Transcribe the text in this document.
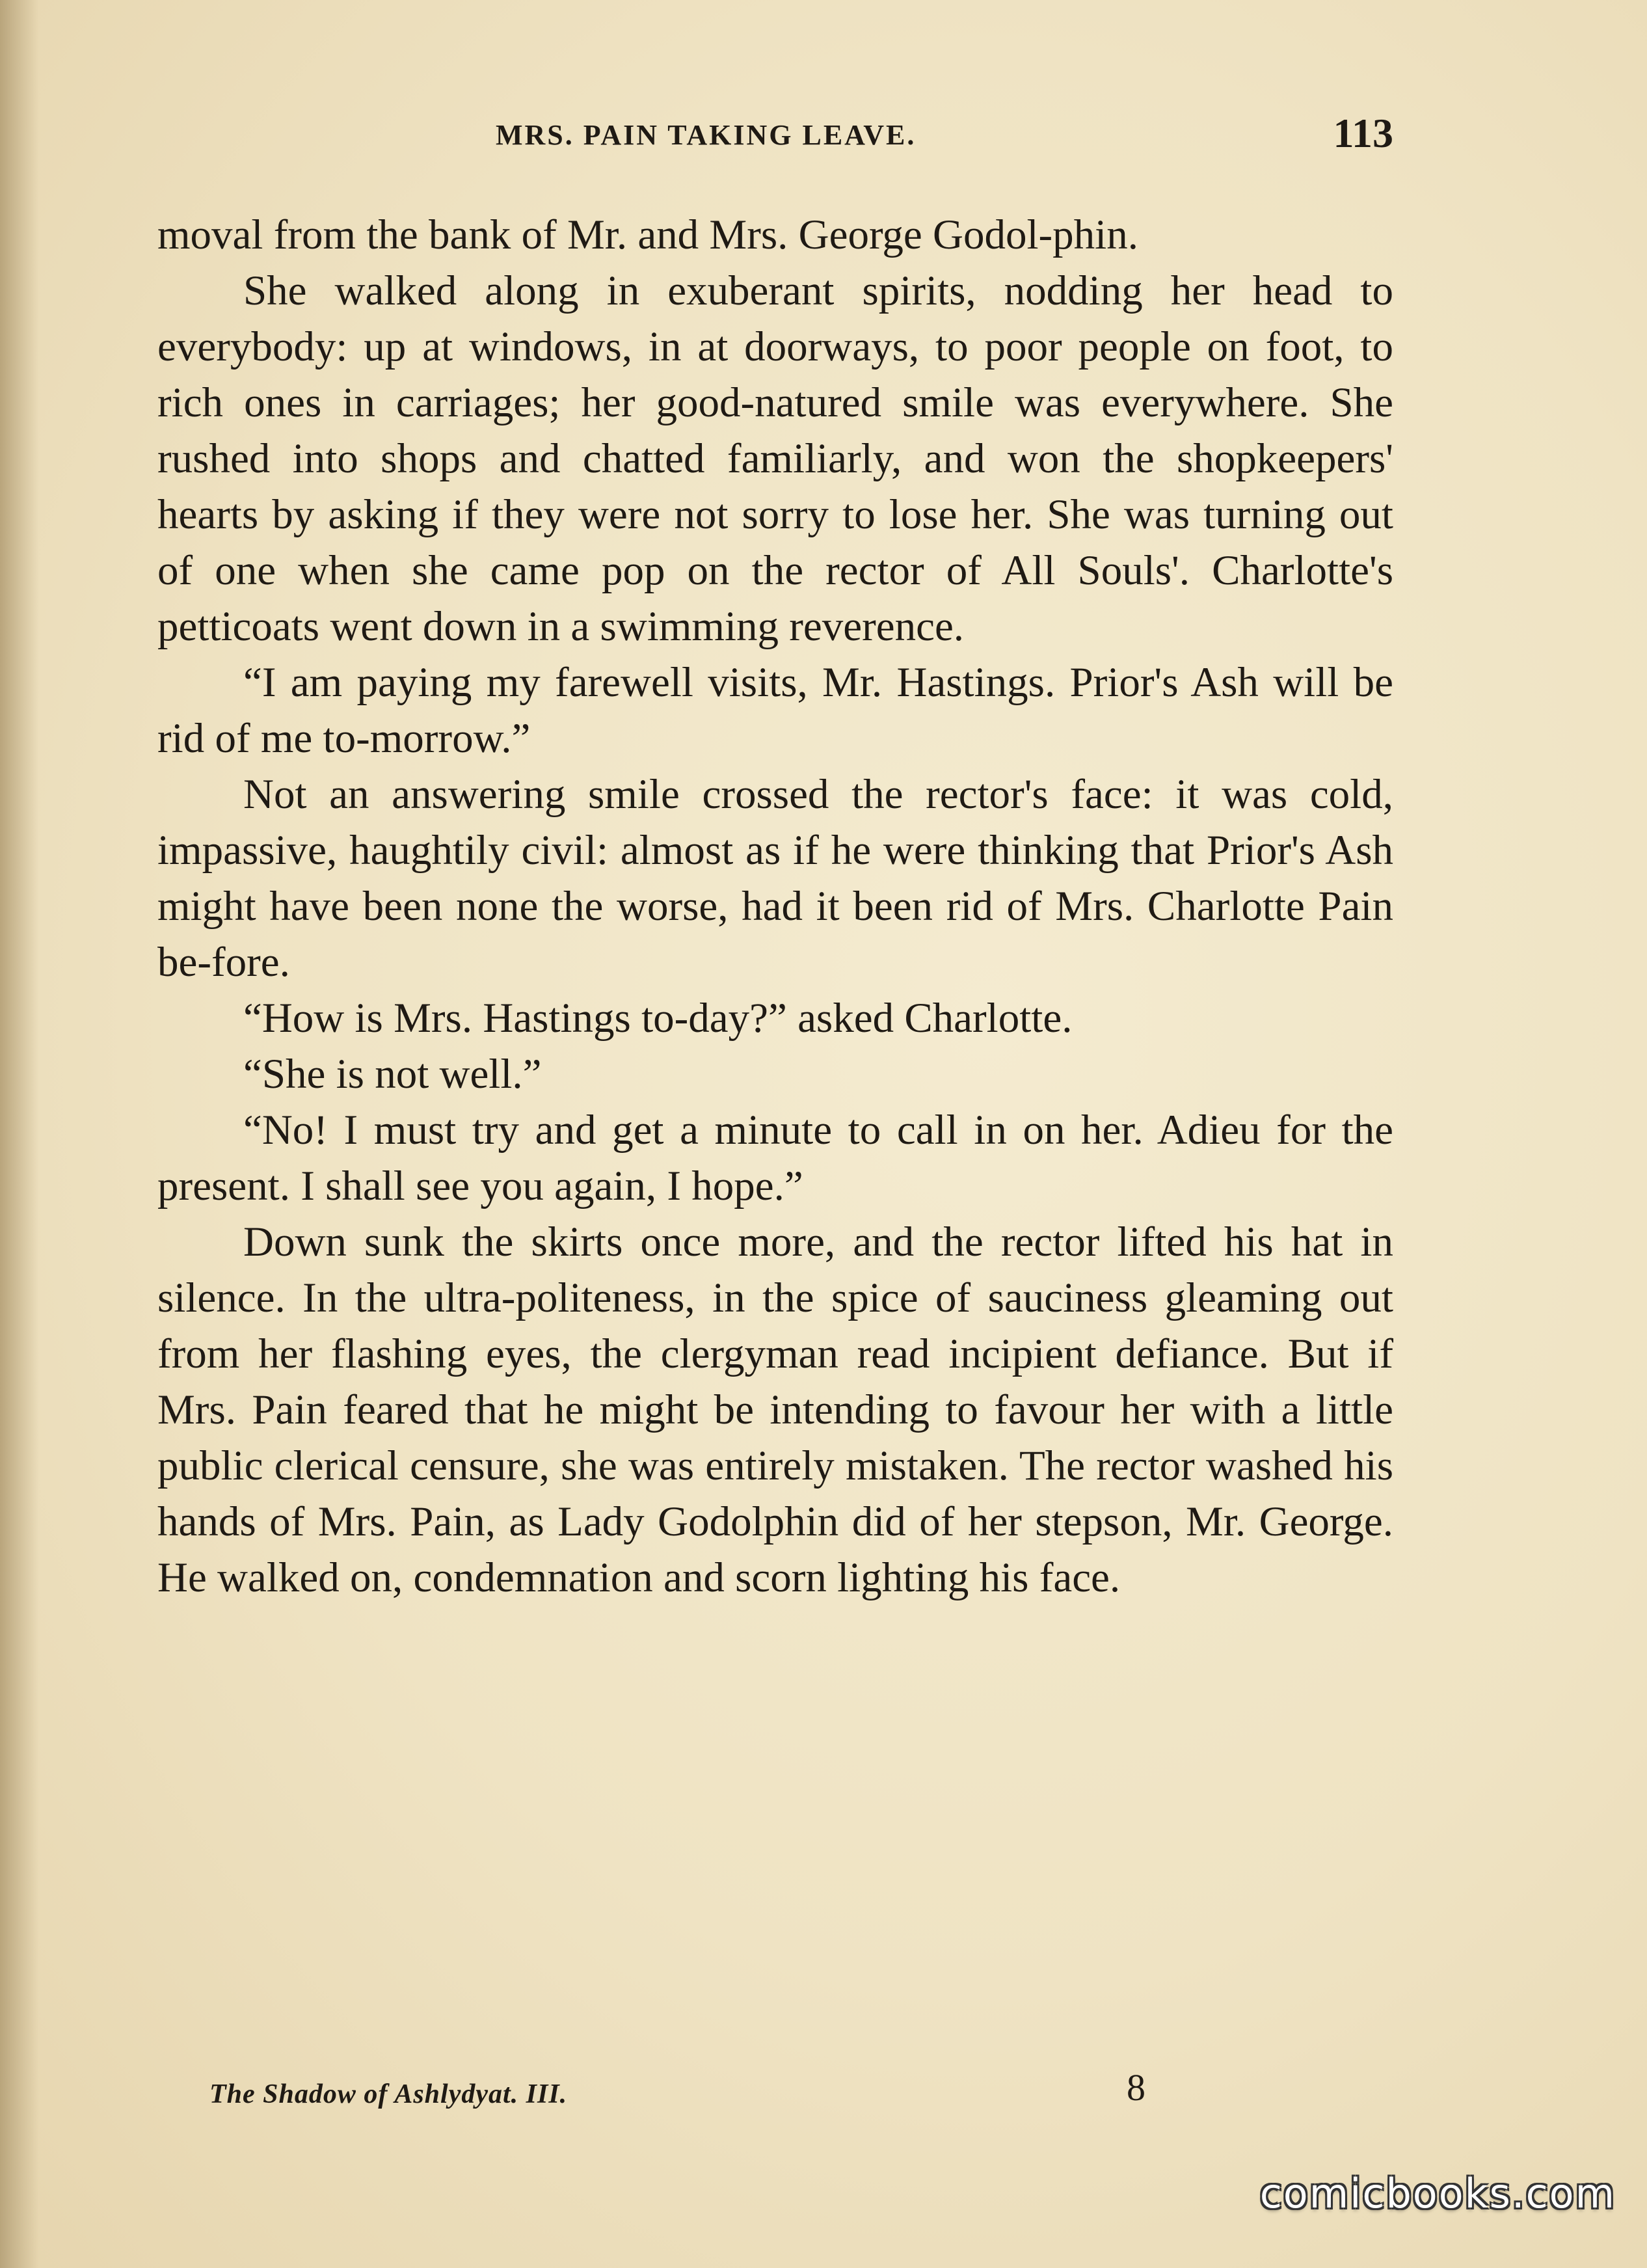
MRS. PAIN TAKING LEAVE.	113

moval from the bank of Mr. and Mrs. George Godol-phin.

She walked along in exuberant spirits, nodding her head to everybody: up at windows, in at doorways, to poor people on foot, to rich ones in carriages; her good-natured smile was everywhere. She rushed into shops and chatted familiarly, and won the shopkeepers' hearts by asking if they were not sorry to lose her. She was turning out of one when she came pop on the rector of All Souls'. Charlotte's petticoats went down in a swimming reverence.

“I am paying my farewell visits, Mr. Hastings. Prior's Ash will be rid of me to-morrow.”

Not an answering smile crossed the rector's face: it was cold, impassive, haughtily civil: almost as if he were thinking that Prior's Ash might have been none the worse, had it been rid of Mrs. Charlotte Pain be-fore.

“How is Mrs. Hastings to-day?” asked Charlotte.

“She is not well.”

“No! I must try and get a minute to call in on her. Adieu for the present. I shall see you again, I hope.”

Down sunk the skirts once more, and the rector lifted his hat in silence. In the ultra-politeness, in the spice of sauciness gleaming out from her flashing eyes, the clergyman read incipient defiance. But if Mrs. Pain feared that he might be intending to favour her with a little public clerical censure, she was entirely mistaken. The rector washed his hands of Mrs. Pain, as Lady Godolphin did of her stepson, Mr. George. He walked on, condemnation and scorn lighting his face.

The Shadow of Ashlydyat. III.	8
comicbooks.com
